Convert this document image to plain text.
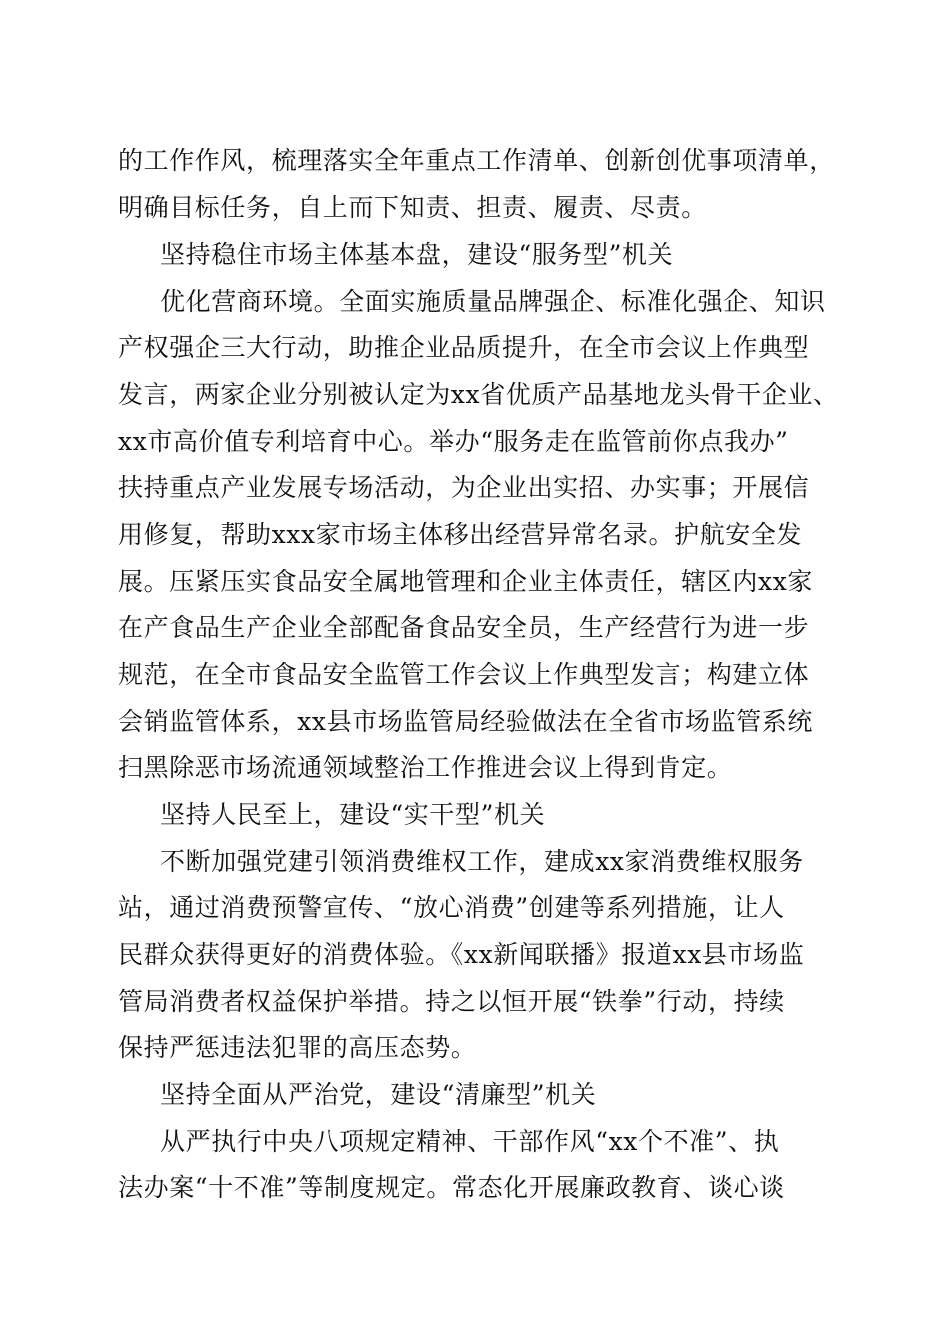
的工作作风，梳理落实全年重点工作清单、创新创优事项清单，
明确目标任务，自上而下知责、担责、履责、尽责。
坚持稳住市场主体基本盘，建设“服务型”机关
优化营商环境。全面实施质量品牌强企、标准化强企、知识
产权强企三大行动，助推企业品质提升，在全市会议上作典型
发言，两家企业分别被认定为xx省优质产品基地龙头骨干企业、
xx市高价值专利培育中心。举办“服务走在监管前你点我办”
扶持重点产业发展专场活动，为企业出实招、办实事；开展信
用修复，帮助xxx家市场主体移出经营异常名录。护航安全发
展。压紧压实食品安全属地管理和企业主体责任，辖区内xx家
在产食品生产企业全部配备食品安全员，生产经营行为进一步
规范，在全市食品安全监管工作会议上作典型发言；构建立体
会销监管体系，xx县市场监管局经验做法在全省市场监管系统
扫黑除恶市场流通领域整治工作推进会议上得到肯定。
坚持人民至上，建设“实干型”机关
不断加强党建引领消费维权工作，建成xx家消费维权服务
站，通过消费预警宣传、“放心消费”创建等系列措施，让人
民群众获得更好的消费体验。《xx新闻联播》报道xx县市场监
管局消费者权益保护举措。持之以恒开展“铁拳”行动，持续
保持严惩违法犯罪的高压态势。
坚持全面从严治党，建设“清廉型”机关
从严执行中央八项规定精神、干部作风“xx个不准”、执
法办案“十不准”等制度规定。常态化开展廉政教育、谈心谈
